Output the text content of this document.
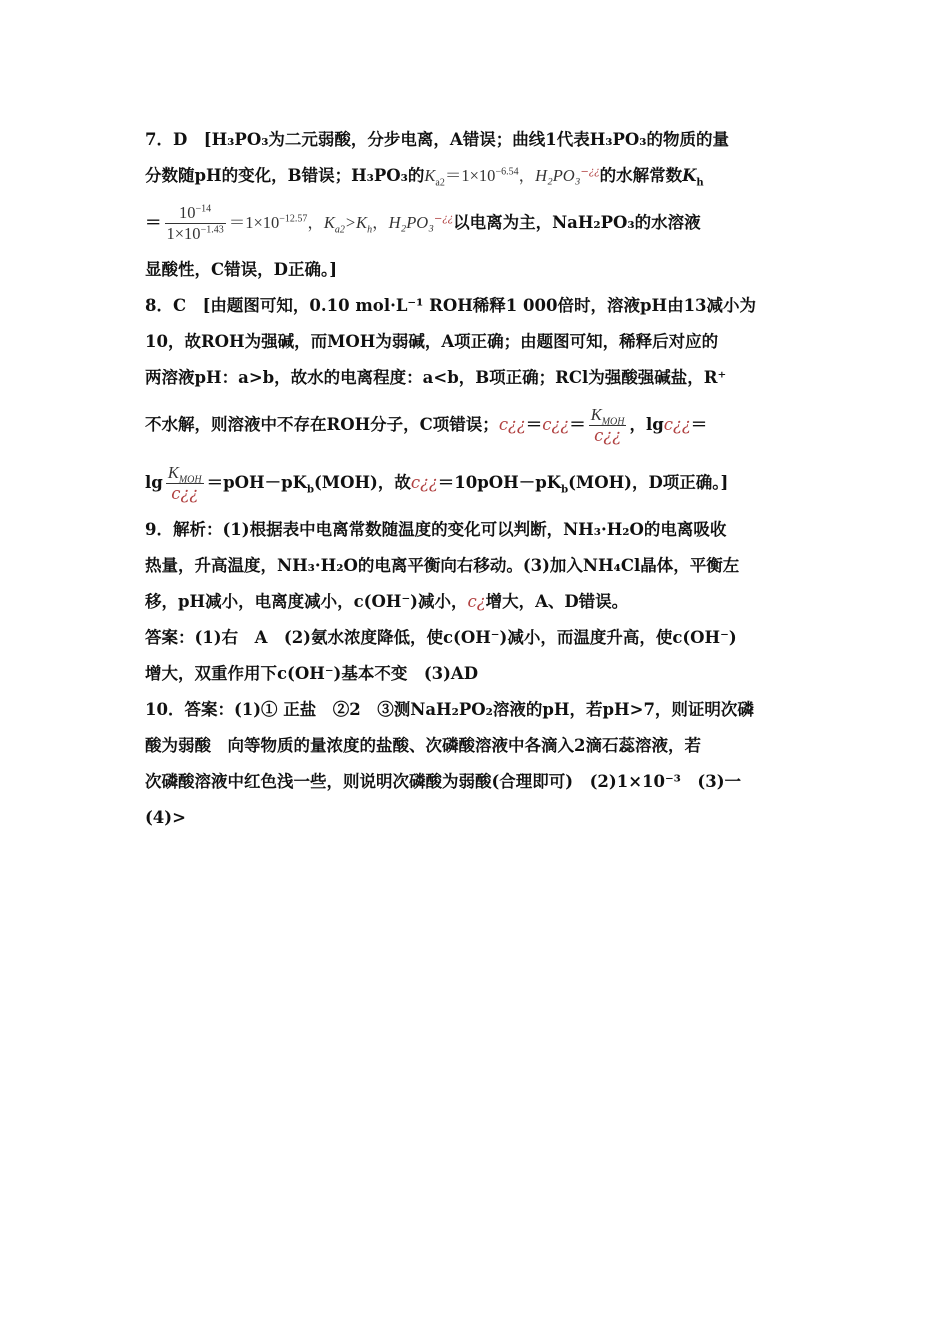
7．D　[H₃PO₃为二元弱酸，分步电离，A错误；曲线1代表H₃PO₃的物质的量
分数随pH的变化，B错误；H₃PO₃的$K_{a2}=1\times 10^{-6.54}$，H₂PO₃−¿¿的水解常数$K_h$
＝ $\frac{10^{-14}}{1\times 10^{-1.43}} =1\times 10^{-12.57}$，$K_{a2}>K_h$，H₂PO₃−¿¿以电离为主，NaH₂PO₃的水溶液
显酸性，C错误，D正确。]
8．C　[由题图可知，0.10 mol·L⁻¹ ROH稀释1 000倍时，溶液pH由13减小为
10，故ROH为强碱，而MOH为弱碱，A项正确；由题图可知，稀释后对应的
两溶液pH：a>b，故水的电离程度：a<b，B项正确；RCl为强酸强碱盐，R⁺
不水解，则溶液中不存在ROH分子，C项错误；c¿¿＝c¿¿＝ $\frac{K_{MOH}}{c¿¿}$ ，lgc¿¿＝
$\lg \frac{K_{MOH}}{c¿¿} =pOH-pK_b(MOH)$，故$c¿¿=10pOH-pK_b(MOH)$，D项正确。]
9．解析：(1)根据表中电离常数随温度的变化可以判断，NH₃·H₂O的电离吸收
热量，升高温度，NH₃·H₂O的电离平衡向右移动。(3)加入NH₄Cl晶体，平衡左
移，pH减小，电离度减小，c(OH⁻)减小，c¿增大，A、D错误。
答案：(1)右　A　(2)氨水浓度降低，使c(OH⁻)减小，而温度升高，使c(OH⁻)
增大，双重作用下c(OH⁻)基本不变　(3)AD
10．答案：(1)① 正盐　②2　③测NaH₂PO₂溶液的pH，若pH>7，则证明次磷
酸为弱酸　向等物质的量浓度的盐酸、次磷酸溶液中各滴入2滴石蕊溶液，若
次磷酸溶液中红色浅一些，则说明次磷酸为弱酸(合理即可)　(2)1×10⁻³　(3)一
(4)>
